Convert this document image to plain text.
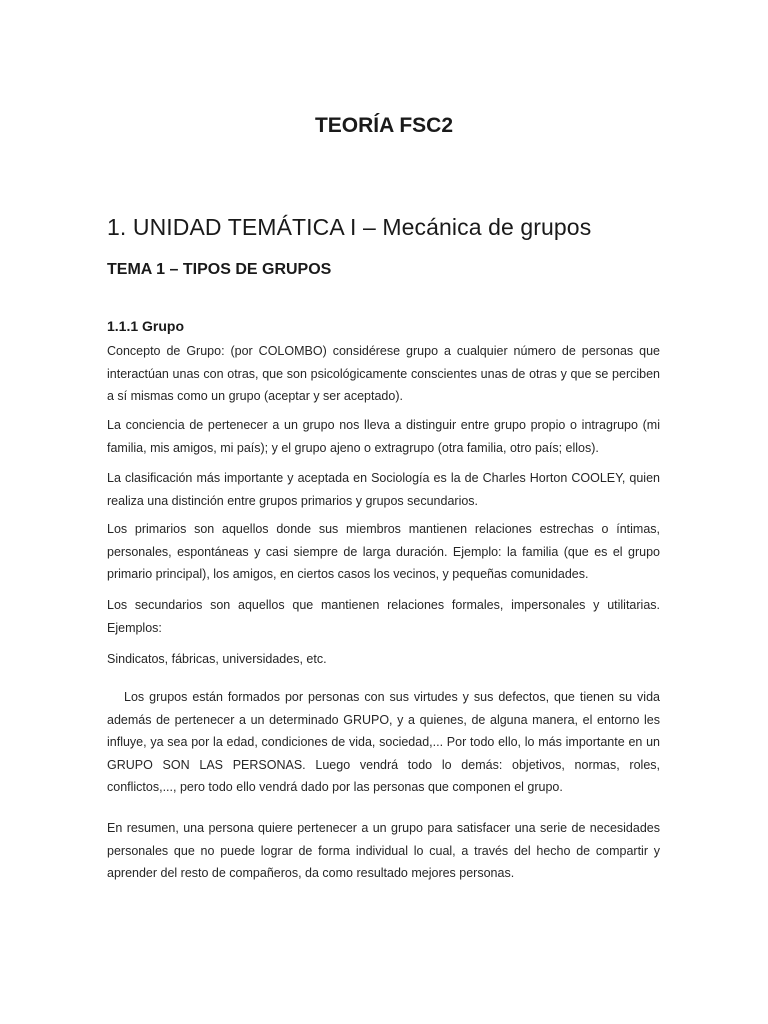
TEORÍA FSC2
1. UNIDAD TEMÁTICA I – Mecánica de grupos
TEMA 1 – TIPOS DE GRUPOS
1.1.1 Grupo

Concepto de Grupo: (por COLOMBO) considérese grupo a cualquier número de personas que interactúan unas con otras, que son psicológicamente conscientes unas de otras y que se perciben a sí mismas como un grupo (aceptar y ser aceptado).

La conciencia de pertenecer a un grupo nos lleva a distinguir entre grupo propio o intragrupo (mi familia, mis amigos, mi país); y el grupo ajeno o extragrupo (otra familia, otro país; ellos).

La clasificación más importante y aceptada en Sociología es la de Charles Horton COOLEY, quien realiza una distinción entre grupos primarios y grupos secundarios.

Los primarios son aquellos donde sus miembros mantienen relaciones estrechas o íntimas, personales, espontáneas y casi siempre de larga duración. Ejemplo: la familia (que es el grupo primario principal), los amigos, en ciertos casos los vecinos, y pequeñas comunidades.

Los secundarios son aquellos que mantienen relaciones formales, impersonales y utilitarias. Ejemplos:

Sindicatos, fábricas, universidades, etc.

Los grupos están formados por personas con sus virtudes y sus defectos, que tienen su vida además de pertenecer a un determinado GRUPO, y a quienes, de alguna manera, el entorno les influye, ya sea por la edad, condiciones de vida, sociedad,... Por todo ello, lo más importante en un GRUPO SON LAS PERSONAS. Luego vendrá todo lo demás: objetivos, normas, roles, conflictos,..., pero todo ello vendrá dado por las personas que componen el grupo.

En resumen, una persona quiere pertenecer a un grupo para satisfacer una serie de necesidades personales que no puede lograr de forma individual lo cual, a través del hecho de compartir y aprender del resto de compañeros, da como resultado mejores personas.
